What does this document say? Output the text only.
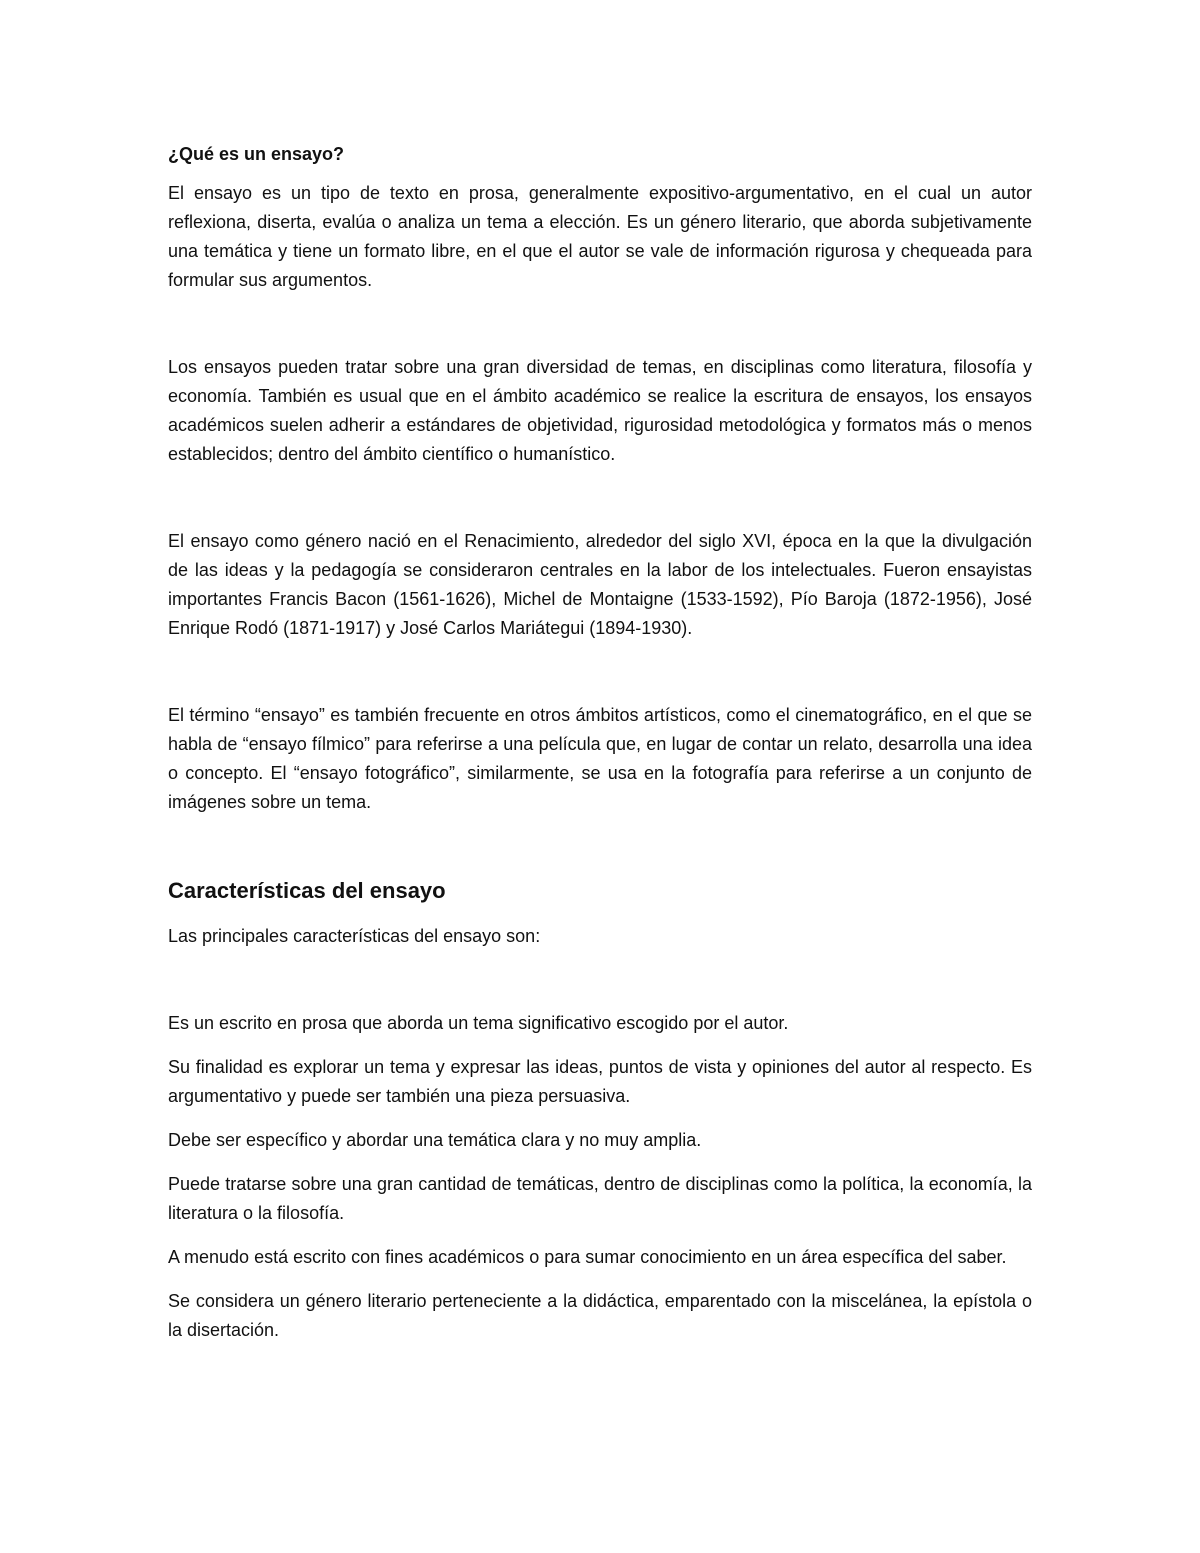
¿Qué es un ensayo?

El ensayo es un tipo de texto en prosa, generalmente expositivo-argumentativo, en el cual un autor reflexiona, diserta, evalúa o analiza un tema a elección. Es un género literario, que aborda subjetivamente una temática y tiene un formato libre, en el que el autor se vale de información rigurosa y chequeada para formular sus argumentos.

Los ensayos pueden tratar sobre una gran diversidad de temas, en disciplinas como literatura, filosofía y economía. También es usual que en el ámbito académico se realice la escritura de ensayos, los ensayos académicos suelen adherir a estándares de objetividad, rigurosidad metodológica y formatos más o menos establecidos; dentro del ámbito científico o humanístico.

El ensayo como género nació en el Renacimiento, alrededor del siglo XVI, época en la que la divulgación de las ideas y la pedagogía se consideraron centrales en la labor de los intelectuales. Fueron ensayistas importantes Francis Bacon (1561-1626), Michel de Montaigne (1533-1592), Pío Baroja (1872-1956), José Enrique Rodó (1871-1917) y José Carlos Mariátegui (1894-1930).

El término “ensayo” es también frecuente en otros ámbitos artísticos, como el cinematográfico, en el que se habla de “ensayo fílmico” para referirse a una película que, en lugar de contar un relato, desarrolla una idea o concepto. El “ensayo fotográfico”, similarmente, se usa en la fotografía para referirse a un conjunto de imágenes sobre un tema.

Características del ensayo

Las principales características del ensayo son:

Es un escrito en prosa que aborda un tema significativo escogido por el autor.

Su finalidad es explorar un tema y expresar las ideas, puntos de vista y opiniones del autor al respecto. Es argumentativo y puede ser también una pieza persuasiva.

Debe ser específico y abordar una temática clara y no muy amplia.

Puede tratarse sobre una gran cantidad de temáticas, dentro de disciplinas como la política, la economía, la literatura o la filosofía.

A menudo está escrito con fines académicos o para sumar conocimiento en un área específica del saber.

Se considera un género literario perteneciente a la didáctica, emparentado con la miscelánea, la epístola o la disertación.
